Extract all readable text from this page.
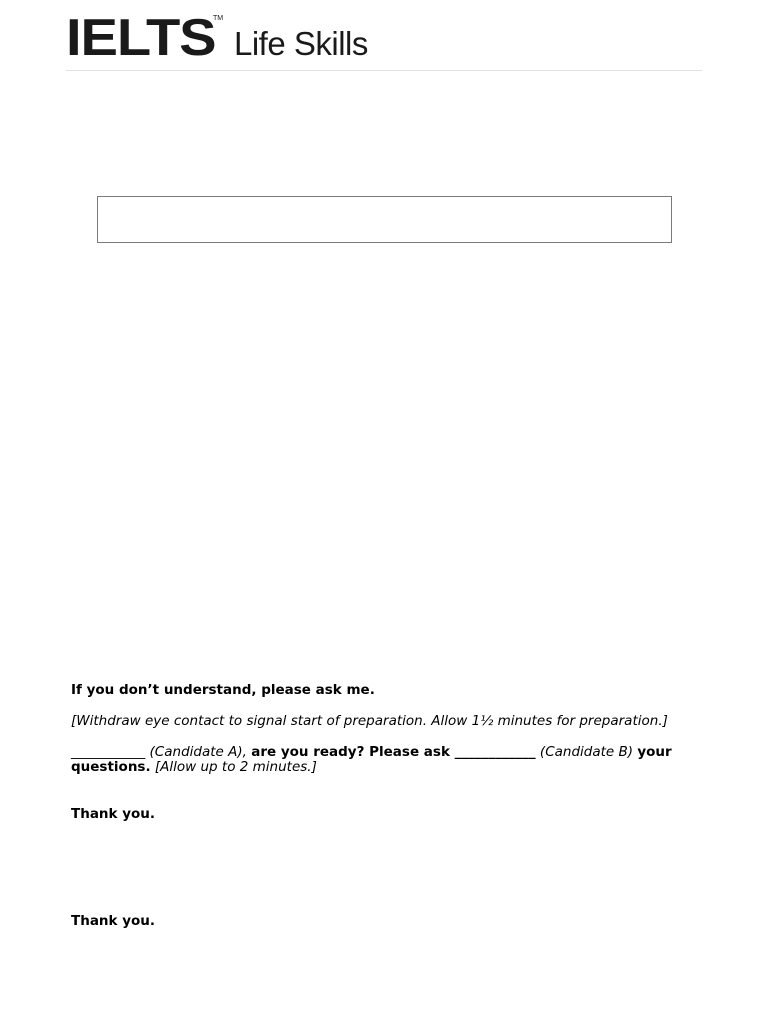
IELTS
TM
Life Skills
If you don’t understand, please ask me.
[Withdraw eye contact to signal start of preparation. Allow 1½ minutes for preparation.]
___________ (Candidate A), are you ready? Please ask ____________ (Candidate B) your
questions. [Allow up to 2 minutes.]
Thank you.
Thank you.
